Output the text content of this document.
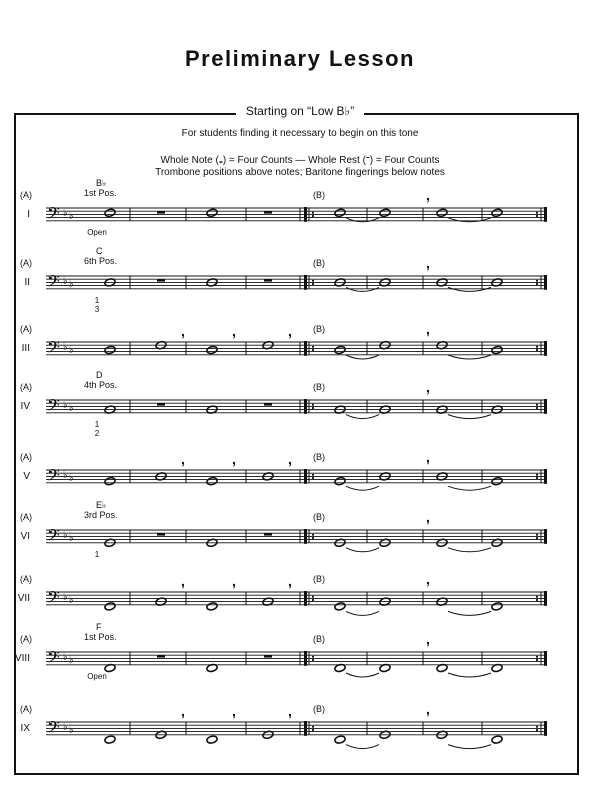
Preliminary Lesson
Starting on “Low B♭”
For students finding it necessary to begin on this tone
Whole Note (𝅝) = Four Counts — Whole Rest (𝄻) = Four Counts
Trombone positions above notes; Baritone fingerings below notes
I 𝄢 ♭ ♭
(A)	(B)
B♭
1st Pos.
Open
,
II 𝄢 ♭ ♭
(A)	(B)
C
6th Pos.
1
3
,
III 𝄢 ♭ ♭
(A)	(B)
,	,	,	,
IV 𝄢 ♭ ♭
(A)	(B)
D
4th Pos.
1
2
,
V 𝄢 ♭ ♭
(A)	(B)
,	,	,	,
VI 𝄢 ♭ ♭
(A)	(B)
E♭
3rd Pos.
1
,
VII 𝄢 ♭ ♭
(A)	(B)
,	,	,	,
VIII 𝄢 ♭ ♭
(A)	(B)
F
1st Pos.
Open
,
IX 𝄢 ♭ ♭
(A)	(B)
,	,	,	,
